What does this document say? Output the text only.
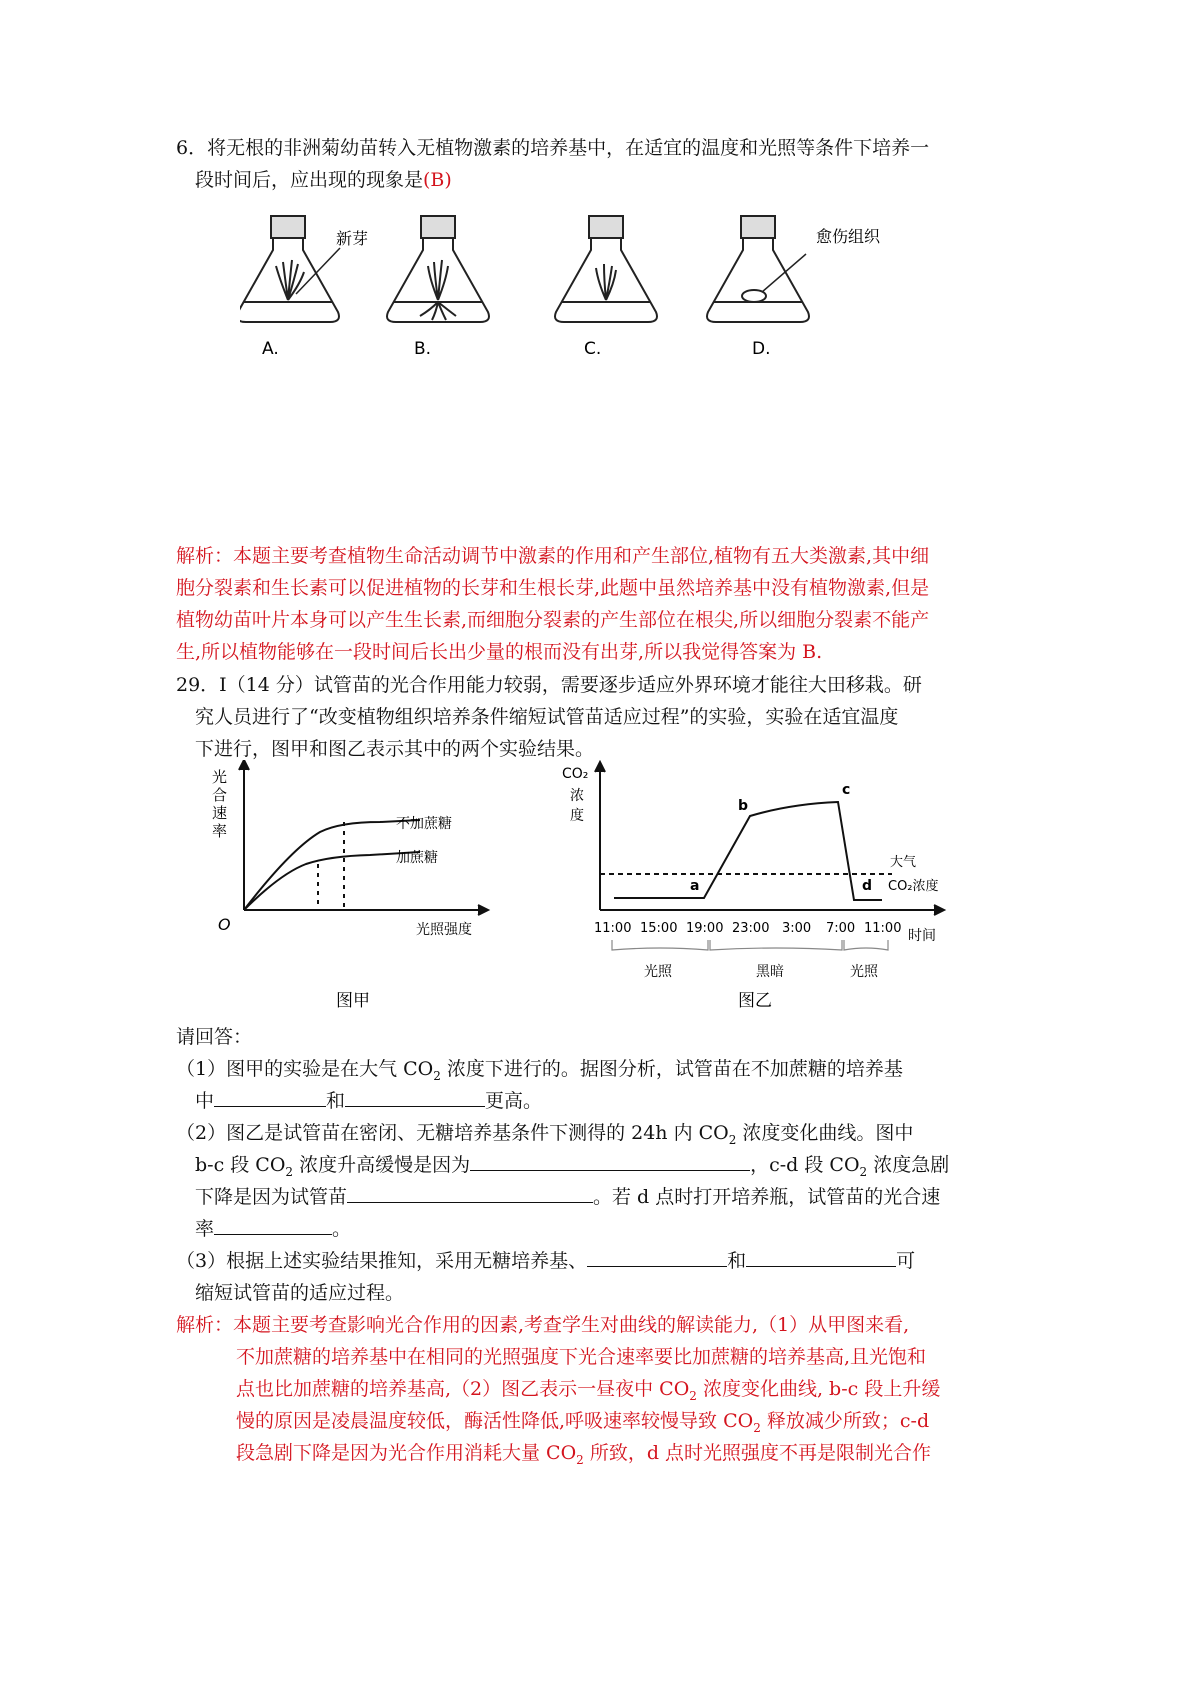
6．将无根的非洲菊幼苗转入无植物激素的培养基中，在适宜的温度和光照等条件下培养一
段时间后，应出现的现象是(B)
新芽	愈伤组织
A.	B.	C.	D.
解析：本题主要考查植物生命活动调节中激素的作用和产生部位,植物有五大类激素,其中细
胞分裂素和生长素可以促进植物的长芽和生根长芽,此题中虽然培养基中没有植物激素,但是
植物幼苗叶片本身可以产生生长素,而细胞分裂素的产生部位在根尖,所以细胞分裂素不能产
生,所以植物能够在一段时间后长出少量的根而没有出芽,所以我觉得答案为 B.
29．Ⅰ（14 分）试管苗的光合作用能力较弱，需要逐步适应外界环境才能往大田移栽。研
究人员进行了“改变植物组织培养条件缩短试管苗适应过程”的实验，实验在适宜温度
下进行，图甲和图乙表示其中的两个实验结果。
光
合
速
率	不加蔗糖
加蔗糖
O	光照强度
图甲
CO₂
浓
度
a
b
c
d
大气
CO₂浓度
11:00 15:00 19:00 23:00 3:00 7:00 11:00 时间
光照	黑暗	光照
图乙
请回答：
（1）图甲的实验是在大气 $CO_2$ 浓度下进行的。据图分析，试管苗在不加蔗糖的培养基
中	和	更高。
（2）图乙是试管苗在密闭、无糖培养基条件下测得的 24h 内 $CO_2$ 浓度变化曲线。图中
b-c 段 $CO_2$ 浓度升高缓慢是因为	，c-d 段 $CO_2$ 浓度急剧
下降是因为试管苗	。若 d 点时打开培养瓶，试管苗的光合速
率	。
（3）根据上述实验结果推知，采用无糖培养基、	和	可
缩短试管苗的适应过程。
解析：本题主要考查影响光合作用的因素,考查学生对曲线的解读能力,（1）从甲图来看,
不加蔗糖的培养基中在相同的光照强度下光合速率要比加蔗糖的培养基高,且光饱和
点也比加蔗糖的培养基高,（2）图乙表示一昼夜中 $CO_2$ 浓度变化曲线, b-c 段上升缓
慢的原因是凌晨温度较低，酶活性降低,呼吸速率较慢导致 $CO_2$ 释放减少所致；c-d
段急剧下降是因为光合作用消耗大量 $CO_2$ 所致，d 点时光照强度不再是限制光合作
